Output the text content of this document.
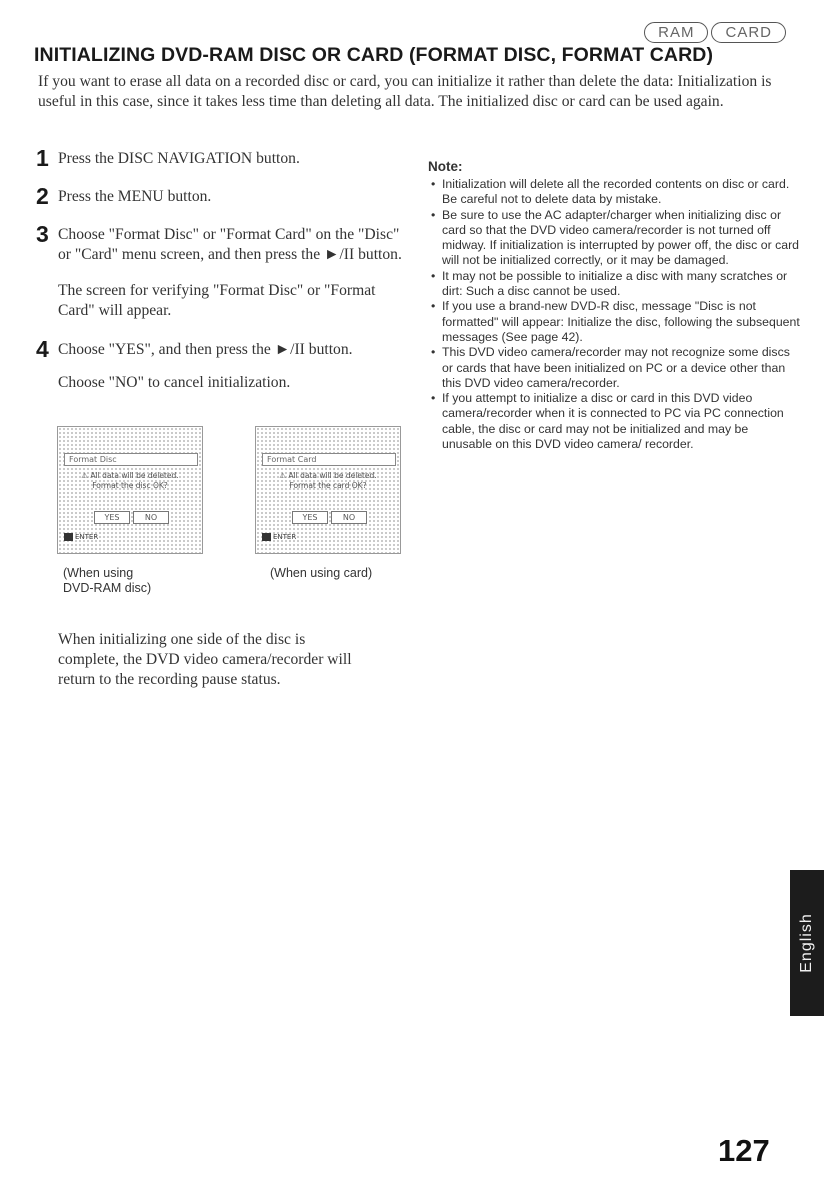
RAM	CARD
INITIALIZING DVD-RAM DISC OR CARD (FORMAT DISC, FORMAT CARD)
If you want to erase all data on a recorded disc or card, you can initialize it rather than delete the data: Initialization is useful in this case, since it takes less time than deleting all data. The initialized disc or card can be used again.
1 Press the DISC NAVIGATION button.
2 Press the MENU button.
3 Choose "Format Disc" or "Format Card" on the "Disc" or "Card" menu screen, and then press the ►/II button.
The screen for verifying "Format Disc" or "Format Card" will appear.
4 Choose "YES", and then press the ►/II button.
Choose "NO" to cancel initialization.
Format Disc
⚠ All data will be deleted.
Format the disc OK?
YES	NO
ENTER
Format Card
⚠ All data will be deleted.
Format the card OK?
YES	NO
ENTER
(When using
DVD-RAM disc)
(When using card)
When initializing one side of the disc is complete, the DVD video camera/recorder will return to the recording pause status.
Note:
• Initialization will delete all the recorded contents on disc or card. Be careful not to delete data by mistake.
• Be sure to use the AC adapter/charger when initializing disc or card so that the DVD video camera/recorder is not turned off midway. If initialization is interrupted by power off, the disc or card will not be initialized correctly, or it may be damaged.
• It may not be possible to initialize a disc with many scratches or dirt: Such a disc cannot be used.
• If you use a brand-new DVD-R disc, message "Disc is not formatted" will appear: Initialize the disc, following the subsequent messages (See page 42).
• This DVD video camera/recorder may not recognize some discs or cards that have been initialized on PC or a device other than this DVD video camera/recorder.
• If you attempt to initialize a disc or card in this DVD video camera/recorder when it is connected to PC via PC connection cable, the disc or card may not be initialized and may be unusable on this DVD video camera/ recorder.
English
127
